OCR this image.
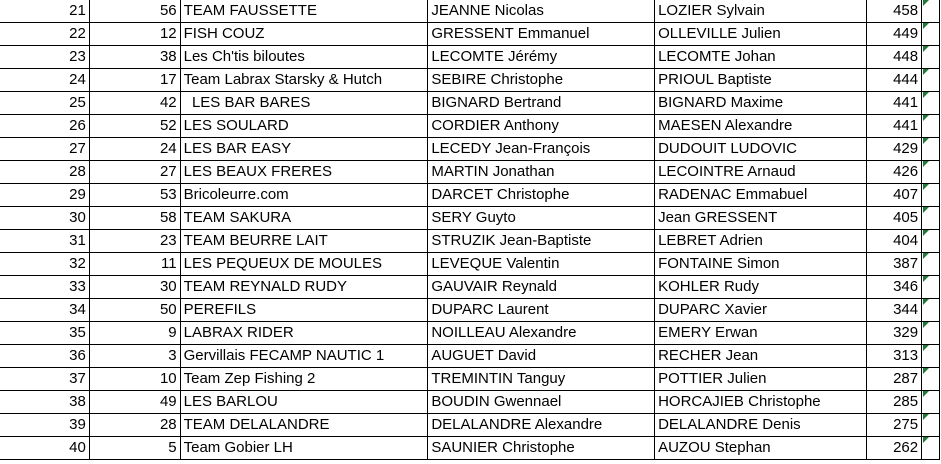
21	56	TEAM FAUSSETTE	JEANNE Nicolas	LOZIER Sylvain	458	

22	12	FISH COUZ	GRESSENT Emmanuel	OLLEVILLE Julien	449	

23	38	Les Ch'tis biloutes	LECOMTE Jérémy	LECOMTE Johan	448	

24	17	Team Labrax Starsky & Hutch	SEBIRE Christophe	PRIOUL Baptiste	444	

25	42	LES BAR BARES	BIGNARD Bertrand	BIGNARD Maxime	441	

26	52	LES SOULARD	CORDIER Anthony	MAESEN Alexandre	441	

27	24	LES BAR EASY	LECEDY Jean-François	DUDOUIT LUDOVIC	429	

28	27	LES BEAUX FRERES	MARTIN Jonathan	LECOINTRE Arnaud	426	

29	53	Bricoleurre.com	DARCET Christophe	RADENAC Emmabuel	407	

30	58	TEAM SAKURA	SERY Guyto	Jean GRESSENT	405	

31	23	TEAM BEURRE LAIT	STRUZIK Jean-Baptiste	LEBRET Adrien	404	

32	11	LES PEQUEUX DE MOULES	LEVEQUE Valentin	FONTAINE Simon	387	

33	30	TEAM REYNALD RUDY	GAUVAIR Reynald	KOHLER Rudy	346	

34	50	PEREFILS	DUPARC Laurent	DUPARC Xavier	344	

35	9	LABRAX RIDER	NOILLEAU Alexandre	EMERY Erwan	329	

36	3	Gervillais FECAMP NAUTIC 1	AUGUET David	RECHER Jean	313	

37	10	Team Zep Fishing 2	TREMINTIN Tanguy	POTTIER Julien	287	

38	49	LES BARLOU	BOUDIN Gwennael	HORCAJIEB Christophe	285	

39	28	TEAM DELALANDRE	DELALANDRE Alexandre	DELALANDRE Denis	275	

40	5	Team Gobier LH	SAUNIER Christophe	AUZOU Stephan	262	
